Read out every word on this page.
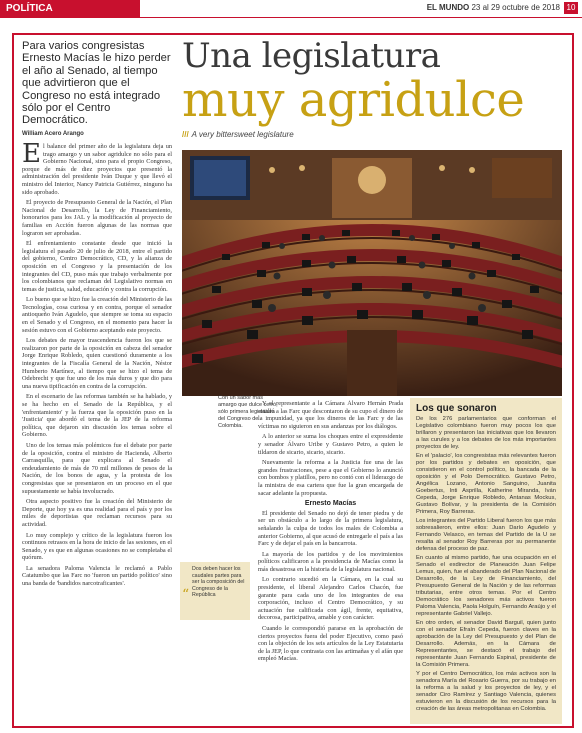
POLÍTICA	EL MUNDO 23 al 29 octubre de 2018 10
Para varios congresistas Ernesto Macías le hizo perder el año al Senado, al tiempo que advirtieron que el Congreso no está integrado sólo por el Centro Democrático.
William Acero Arango
Una legislatura
muy agridulce
/// A very bittersweet legislature

El balance del primer año de la legislatura deja un trago amargo y un sabor agridulce no sólo para el Gobierno Nacional, sino para el propio Congreso, porque de más de diez proyectos que presentó la administración del presidente Iván Duque y que llevó el ministro del Interior, Nancy Patricia Gutiérrez, ninguno ha sido aprobado.

El proyecto de Presupuesto General de la Nación, el Plan Nacional de Desarrollo, la Ley de Financiamiento, honorarios para los JAL y la modificación al proyecto de familias en Acción fueron algunas de las normas que lograron ser aprobadas.

El enfrentamiento constante desde que inició la legislatura el pasado 20 de julio de 2018, entre el partido del gobierno, Centro Democrático, CD, y la alianza de oposición en el Congreso y la presentación de los integrantes del CD, puso más que trabajo verbalmente por los colombianos que reclaman del Legislativo normas en temas de justicia, salud, educación y contra la corrupción.

Lo bueno que se hizo fue la creación del Ministerio de las Tecnologías, cosa curiosa y en contra, porque el senador antioqueño Iván Agudelo, que siempre se toma su espacio en el Senado y el Congreso, en el momento para hacer la sesión estuvo con el Gobierno aceptando este proyecto.

Los debates de mayor trascendencia fueron los que se realizaron por parte de la oposición en cabeza del senador Jorge Enrique Robledo, quien cuestionó duramente a los integrantes de la Fiscalía General de la Nación, Néstor Humberto Martínez, al tiempo que se hizo el tema de Odebrecht y que fue uno de los más duros y que dio para una nueva tipificación en contra de la corrupción.

En el escenario de las reformas también se ha hablado, y se ha hecho en el Senado de la República, y el 'enfrentamiento' y la fuerza que la oposición puso en la 'Justicia' que abordó el tema de la JEP de la reforma política, que dejaron sin discusión los temas sobre el Gobierno.

Uno de los temas más polémicos fue el debate por parte de la oposición, contra el ministro de Hacienda, Alberto Carrasquilla, para que explicara al Senado el endeudamiento de más de 70 mil millones de pesos de la Nación, de los bonos de agua, y la protesta de los congresistas que se presentaron en un proceso en el que supuestamente se había involucrado.

Otra aspecto positivo fue la creación del Ministerio de Deporte, que hoy ya es una realidad para el país y por los miles de deportistas que reclaman recursos para su actividad.

Lo muy complejo y crítico de la legislatura fueron los continuos retrasos en la hora de inicio de las sesiones, en el Senado, y es que en algunas ocasiones no se completaba el quórum.

La senadora Paloma Valencia le reclamó a Pablo Catatumbo que las Farc no 'fueron un partido político' sino una banda de 'bandidos narcotraficantes'.

Con un sabor más amargo que dulce cerró, sólo primera legislatura del Congreso de Colombia.
“
Dos deben hacer los caudales partes para ser la composición del Congreso de la República

Y el representante a la Cámara Álvaro Hernán Prada estalló a las Farc que descontaron de su cupo el dinero de la impunidad, ya que los dineros de las Farc y de las víctimas no siguieron en sus andanzas por los diálogos.

A lo anterior se suma los choques entre el expresidente y senador Álvaro Uribe y Gustavo Petro, a quien le tildaron de sicario, sicario, sicario.

Nuevamente la reforma a la Justicia fue una de las grandes frustraciones, pese a que el Gobierno lo anunció con bombos y platillos, pero no contó con el liderazgo de la ministra de esa cartera que fue la gran encargada de sacar adelante la propuesta.

Ernesto Macías

El presidente del Senado no dejó de tener piedra y de ser un obstáculo a lo largo de la primera legislatura, señalando la culpa de todos los males de Colombia a anterior Gobierno, al que acusó de entregarle el país a las Farc y de dejar el país en la bancarrota.

La mayoría de los partidos y de los movimientos políticos calificaron a la presidencia de Macías como la más desastrosa en la historia de la legislatura nacional.

Lo contrario sucedió en la Cámara, en la cual su presidente, el liberal Alejandro Carlos Chacón, fue garante para cada uno de los integrantes de esa corporación, incluso el Centro Democrático, y su actuación fue calificada con ágil, frente, equitativa, decorosa, participativa, amable y con carácter.

Cuando le correspondió pararse en la aprobación de ciertos proyectos fuera del poder Ejecutivo, como pasó con la objeción de los seis artículos de la Ley Estatutaria de la JEP, lo que contrasta con las artimañas y el afán que empleó Macías.

Los que sonaron

De los 276 parlamentarios que conforman el Legislativo colombiano fueron muy pocos los que brillaron y presentaron las iniciativas que los llevaron a las curules y a los debates de los más importantes proyectos de ley.

En el 'palacio', los congresistas más relevantes fueron por los partidos y debates en oposición, que consistieron en el control político, la bancada de la oposición y el Polo Democrático. Gustavo Petro, Angélica Lozano, Antonio Sanguino, Juanita Goebertus, Inti Asprilla, Katherine Miranda, Iván Cepeda, Jorge Enrique Robledo, Antanas Mockus, Gustavo Bolívar, y la presidenta de la Comisión Primera, Roy Barreras.

Los integrantes del Partido Liberal fueron los que más sobresalieron, entre ellos: Juan Darío Agudelo y Fernando Velasco, en temas del Partido de la U se resalta al senador Roy Barreras por su permanente defensa del proceso de paz.

En cuanto al mismo partido, fue una ocupación en el Senado el exdirector de Planeación Juan Felipe Lemus, quien, fue el abanderado del Plan Nacional de Desarrollo, de la Ley de Financiamiento, del Presupuesto General de la Nación y de las reformas tributarias, entre otros temas. Por el Centro Democrático los senadores más activos fueron Paloma Valencia, Paola Holguín, Fernando Araújo y el representante Gabriel Vallejo.

En otro orden, el senador David Barguil, quien junto con el senador Efraín Cepeda, fueron claves en la aprobación de la Ley del Presupuesto y del Plan de Desarrollo. Además, en la Cámara de Representantes, se destacó el trabajo del representante Juan Fernando Espinal, presidente de la Comisión Primera.

Y por el Centro Democrático, los más activos son la senadora María del Rosario Guerra, por su trabajo en la reforma a la salud y los proyectos de ley, y el senador Ciro Ramírez y Santiago Valencia, quienes estuvieron en la discusión de los recursos para la creación de las áreas metropolitanas en Colombia.
